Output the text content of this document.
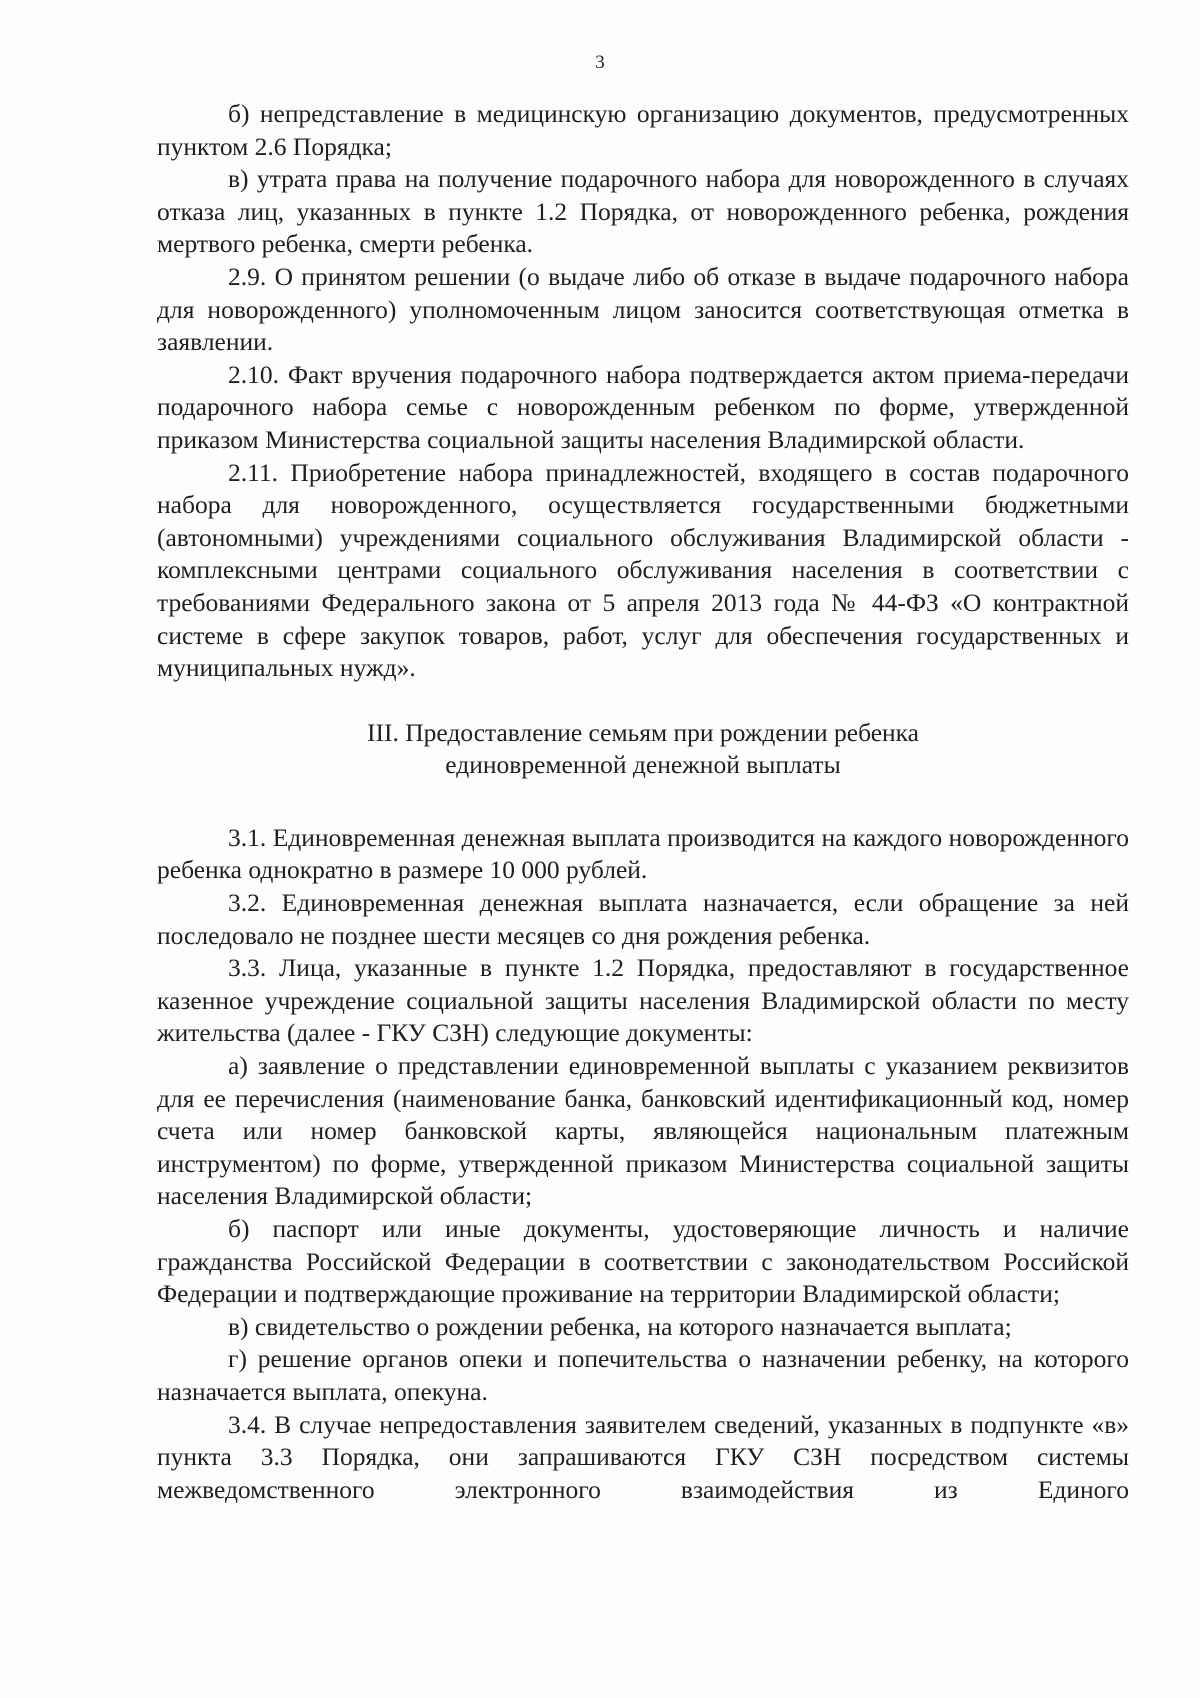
3

б) непредставление в медицинскую организацию документов, предусмотренных пунктом 2.6 Порядка;

в) утрата права на получение подарочного набора для новорожденного в случаях отказа лиц, указанных в пункте 1.2 Порядка, от новорожденного ребенка, рождения мертвого ребенка, смерти ребенка.

2.9. О принятом решении (о выдаче либо об отказе в выдаче подарочного набора для новорожденного) уполномоченным лицом заносится соответствующая отметка в заявлении.

2.10. Факт вручения подарочного набора подтверждается актом приема-передачи подарочного набора семье с новорожденным ребенком по форме, утвержденной приказом Министерства социальной защиты населения Владимирской области.

2.11. Приобретение набора принадлежностей, входящего в состав подарочного набора для новорожденного, осуществляется государственными бюджетными (автономными) учреждениями социального обслуживания Владимирской области - комплексными центрами социального обслуживания населения в соответствии с требованиями Федерального закона от 5 апреля 2013 года № 44-ФЗ «О контрактной системе в сфере закупок товаров, работ, услуг для обеспечения государственных и муниципальных нужд».

III. Предоставление семьям при рождении ребенка
единовременной денежной выплаты

3.1. Единовременная денежная выплата производится на каждого новорожденного ребенка однократно в размере 10 000 рублей.

3.2. Единовременная денежная выплата назначается, если обращение за ней последовало не позднее шести месяцев со дня рождения ребенка.

3.3. Лица, указанные в пункте 1.2 Порядка, предоставляют в государственное казенное учреждение социальной защиты населения Владимирской области по месту жительства (далее - ГКУ СЗН) следующие документы:

а) заявление о представлении единовременной выплаты с указанием реквизитов для ее перечисления (наименование банка, банковский идентификационный код, номер счета или номер банковской карты, являющейся национальным платежным инструментом) по форме, утвержденной приказом Министерства социальной защиты населения Владимирской области;

б) паспорт или иные документы, удостоверяющие личность и наличие гражданства Российской Федерации в соответствии с законодательством Российской Федерации и подтверждающие проживание на территории Владимирской области;

в) свидетельство о рождении ребенка, на которого назначается выплата;

г) решение органов опеки и попечительства о назначении ребенку, на которого назначается выплата, опекуна.

3.4. В случае непредоставления заявителем сведений, указанных в подпункте «в» пункта 3.3 Порядка, они запрашиваются ГКУ СЗН посредством системы межведомственного электронного взаимодействия из Единого
